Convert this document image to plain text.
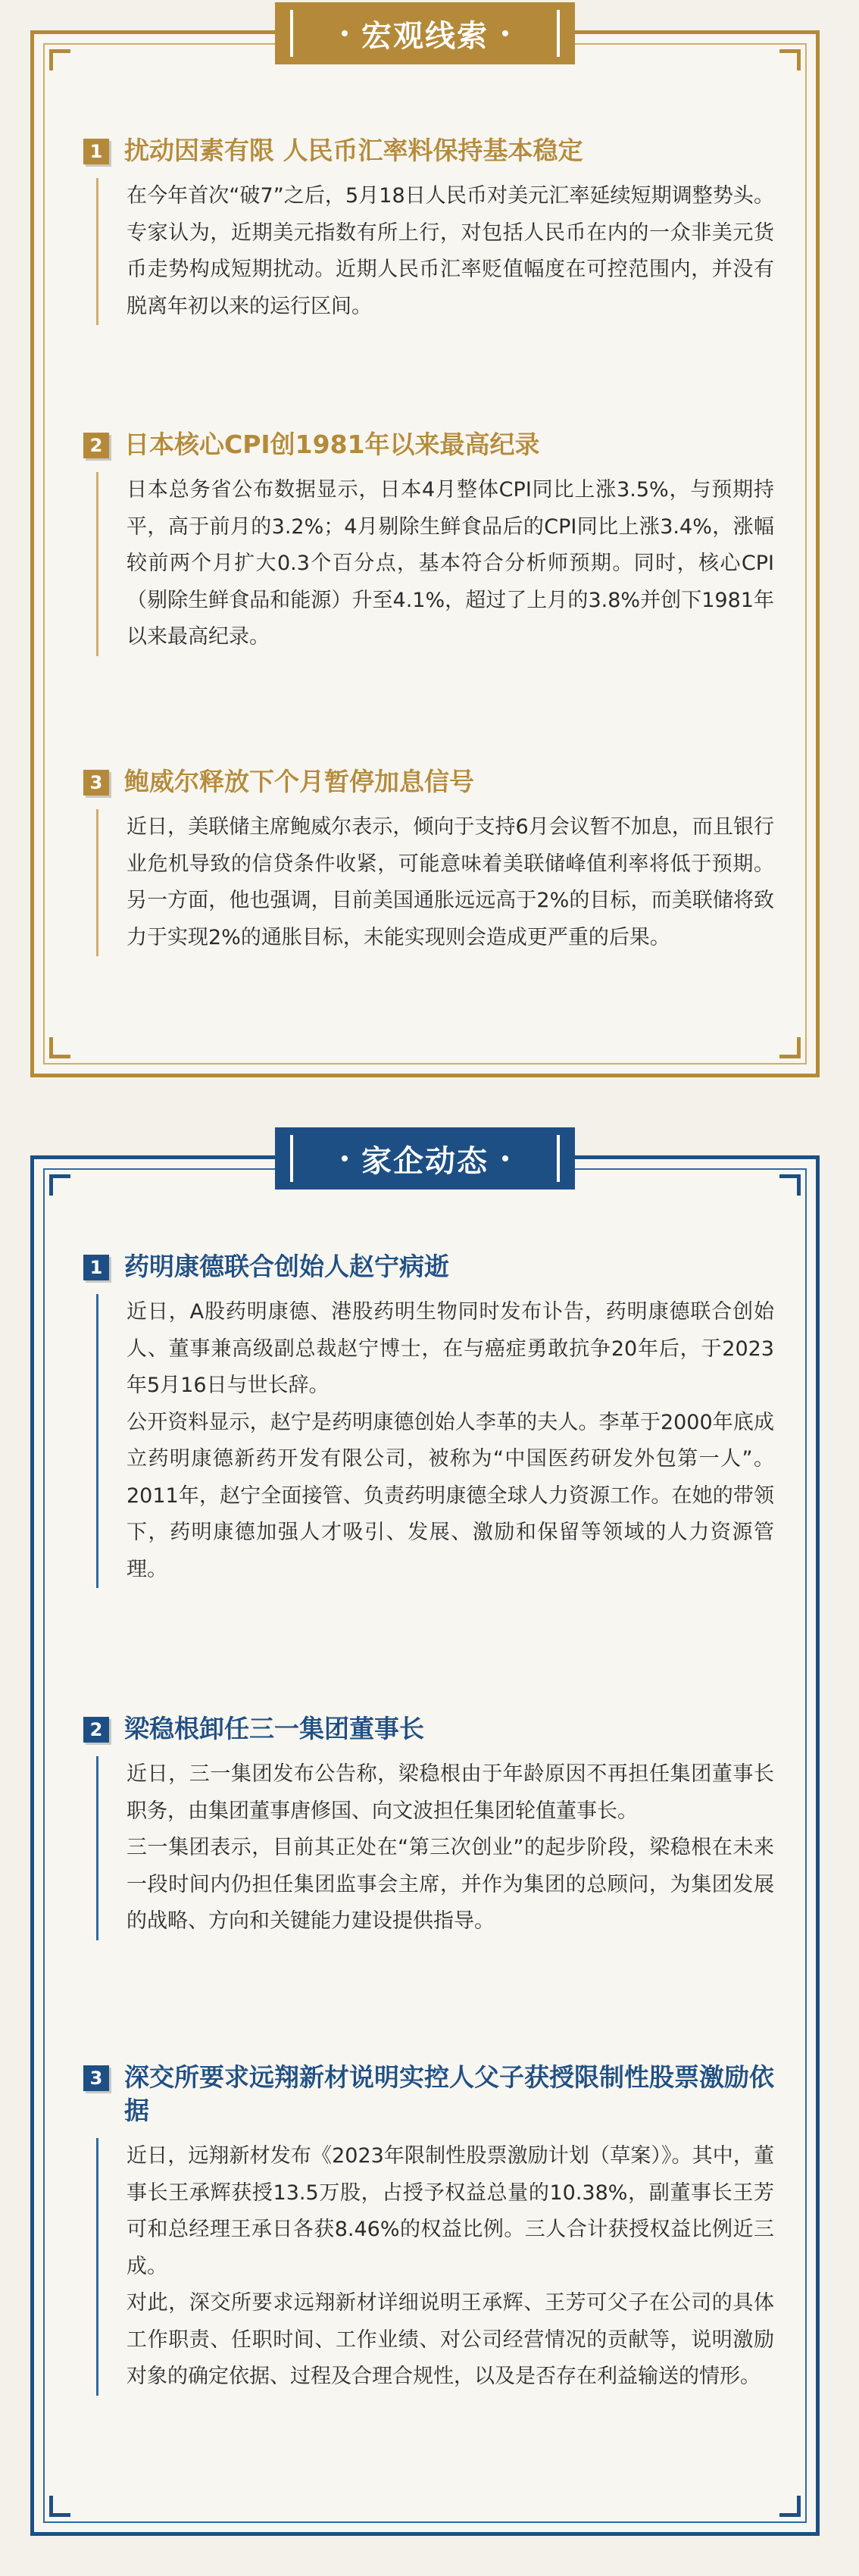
宏观线索
1 扰动因素有限 人民币汇率料保持基本稳定

在今年首次“破7”之后，5月18日人民币对美元汇率延续短期调整势头。专家认为，近期美元指数有所上行，对包括人民币在内的一众非美元货币走势构成短期扰动。近期人民币汇率贬值幅度在可控范围内，并没有脱离年初以来的运行区间。

2 日本核心CPI创1981年以来最高纪录

日本总务省公布数据显示，日本4月整体CPI同比上涨3.5%，与预期持平，高于前月的3.2%；4月剔除生鲜食品后的CPI同比上涨3.4%，涨幅较前两个月扩大0.3个百分点，基本符合分析师预期。同时，核心CPI（剔除生鲜食品和能源）升至4.1%，超过了上月的3.8%并创下1981年以来最高纪录。

3 鲍威尔释放下个月暂停加息信号

近日，美联储主席鲍威尔表示，倾向于支持6月会议暂不加息，而且银行业危机导致的信贷条件收紧，可能意味着美联储峰值利率将低于预期。另一方面，他也强调，目前美国通胀远远高于2%的目标，而美联储将致力于实现2%的通胀目标，未能实现则会造成更严重的后果。

家企动态
1 药明康德联合创始人赵宁病逝

近日，A股药明康德、港股药明生物同时发布讣告，药明康德联合创始人、董事兼高级副总裁赵宁博士，在与癌症勇敢抗争20年后，于2023年5月16日与世长辞。

公开资料显示，赵宁是药明康德创始人李革的夫人。李革于2000年底成立药明康德新药开发有限公司，被称为“中国医药研发外包第一人”。2011年，赵宁全面接管、负责药明康德全球人力资源工作。在她的带领下，药明康德加强人才吸引、发展、激励和保留等领域的人力资源管理。

2 梁稳根卸任三一集团董事长

近日，三一集团发布公告称，梁稳根由于年龄原因不再担任集团董事长职务，由集团董事唐修国、向文波担任集团轮值董事长。

三一集团表示，目前其正处在“第三次创业”的起步阶段，梁稳根在未来一段时间内仍担任集团监事会主席，并作为集团的总顾问，为集团发展的战略、方向和关键能力建设提供指导。

3 深交所要求远翔新材说明实控人父子获授限制性股票激励依据

近日，远翔新材发布《2023年限制性股票激励计划（草案）》。其中，董事长王承辉获授13.5万股，占授予权益总量的10.38%，副董事长王芳可和总经理王承日各获8.46%的权益比例。三人合计获授权益比例近三成。

对此，深交所要求远翔新材详细说明王承辉、王芳可父子在公司的具体工作职责、任职时间、工作业绩、对公司经营情况的贡献等，说明激励对象的确定依据、过程及合理合规性，以及是否存在利益输送的情形。
